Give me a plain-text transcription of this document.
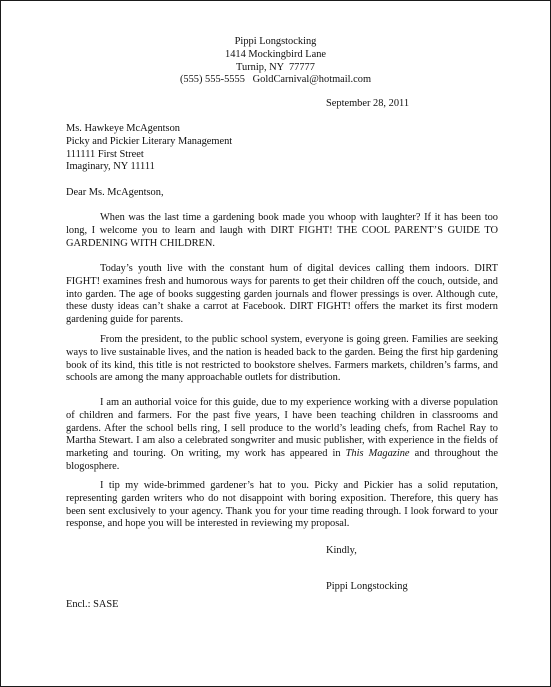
Pippi Longstocking
1414 Mockingbird Lane
Turnip, NY  77777
(555) 555-5555   GoldCarnival@hotmail.com
September 28, 2011
Ms. Hawkeye McAgentson
Picky and Pickier Literary Management
111111 First Street
Imaginary, NY 11111
Dear Ms. McAgentson,

When was the last time a gardening book made you whoop with laughter? If it has been too long, I welcome you to learn and laugh with DIRT FIGHT! THE COOL PARENT’S GUIDE TO GARDENING WITH CHILDREN.

Today’s youth live with the constant hum of digital devices calling them indoors. DIRT FIGHT! examines fresh and humorous ways for parents to get their children off the couch, outside, and into garden. The age of books suggesting garden journals and flower pressings is over. Although cute, these dusty ideas can’t shake a carrot at Facebook. DIRT FIGHT! offers the market its first modern gardening guide for parents.

From the president, to the public school system, everyone is going green. Families are seeking ways to live sustainable lives, and the nation is headed back to the garden. Being the first hip gardening book of its kind, this title is not restricted to bookstore shelves. Farmers markets, children’s farms, and schools are among the many approachable outlets for distribution.

I am an authorial voice for this guide, due to my experience working with a diverse population of children and farmers. For the past five years, I have been teaching children in classrooms and gardens. After the school bells ring, I sell produce to the world’s leading chefs, from Rachel Ray to Martha Stewart. I am also a celebrated songwriter and music publisher, with experience in the fields of marketing and touring. On writing, my work has appeared in This Magazine and throughout the blogosphere.

I tip my wide-brimmed gardener’s hat to you. Picky and Pickier has a solid reputation, representing garden writers who do not disappoint with boring exposition. Therefore, this query has been sent exclusively to your agency. Thank you for your time reading through. I look forward to your response, and hope you will be interested in reviewing my proposal.

Kindly,
Pippi Longstocking
Encl.: SASE
